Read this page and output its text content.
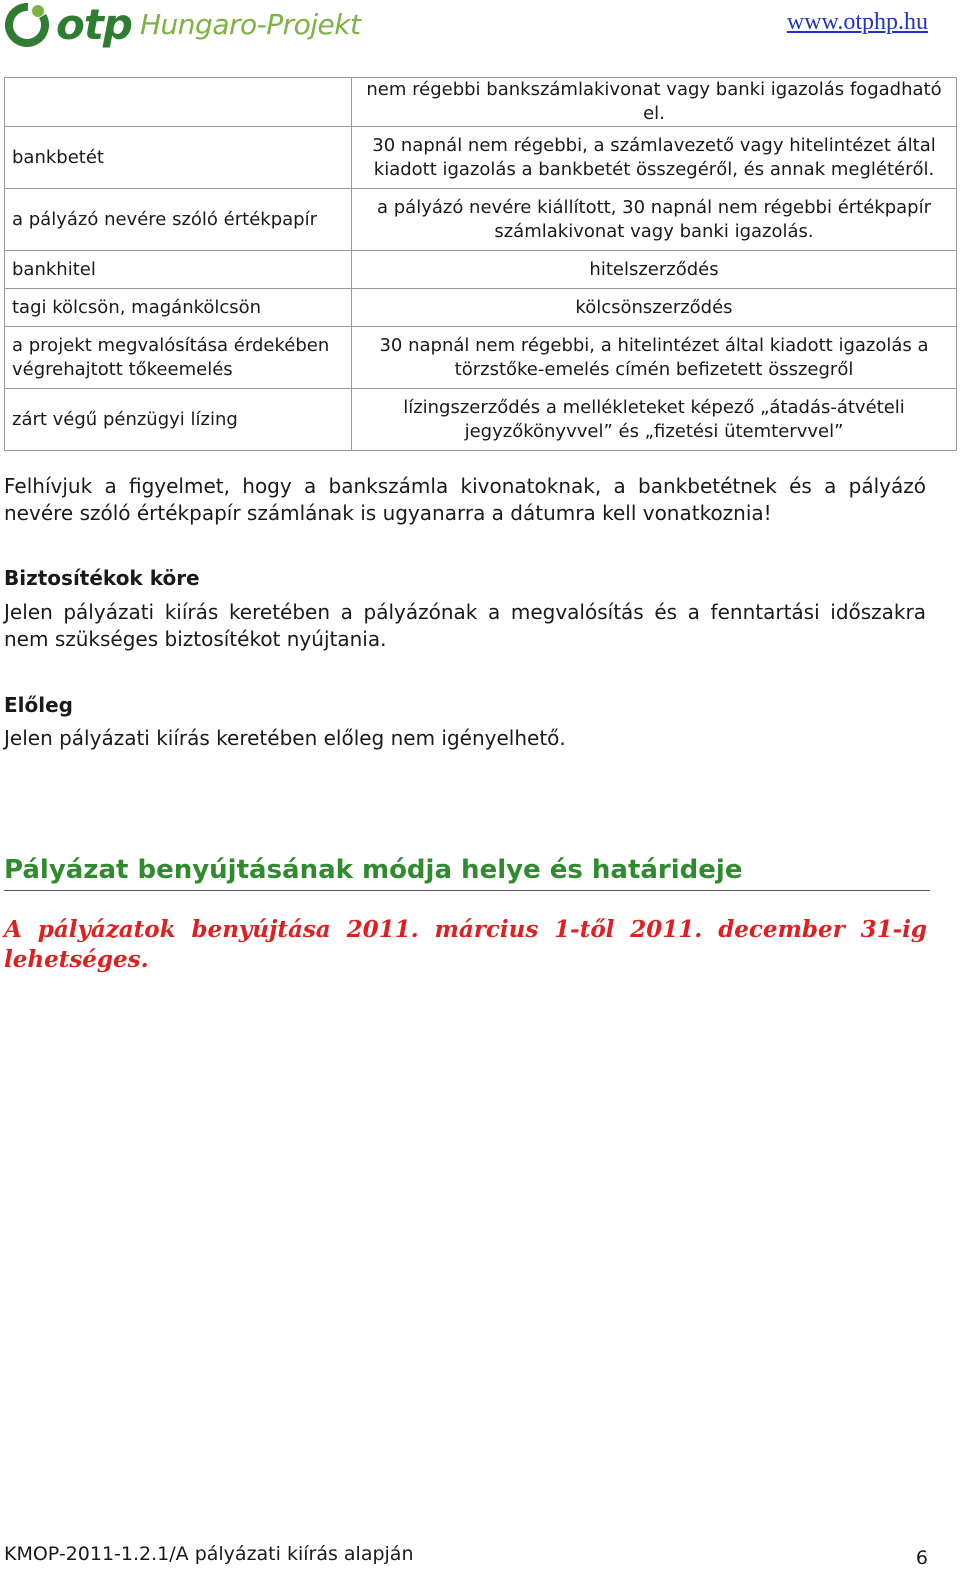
otp Hungaro-Projekt	www.otphp.hu
	nem régebbi bankszámlakivonat vagy banki igazolás fogadható el.
bankbetét	30 napnál nem régebbi, a számlavezető vagy hitelintézet által kiadott igazolás a bankbetét összegéről, és annak meglétéről.
a pályázó nevére szóló értékpapír	a pályázó nevére kiállított, 30 napnál nem régebbi értékpapír számlakivonat vagy banki igazolás.
bankhitel	hitelszerződés
tagi kölcsön, magánkölcsön	kölcsönszerződés
a projekt megvalósítása érdekében végrehajtott tőkeemelés	30 napnál nem régebbi, a hitelintézet által kiadott igazolás a törzstőke-emelés címén befizetett összegről
zárt végű pénzügyi lízing	lízingszerződés a mellékleteket képező „átadás-átvételi jegyzőkönyvvel” és „fizetési ütemtervvel”
Felhívjuk a figyelmet, hogy a bankszámla kivonatoknak, a bankbetétnek és a pályázó nevére szóló értékpapír számlának is ugyanarra a dátumra kell vonatkoznia!
Biztosítékok köre
Jelen pályázati kiírás keretében a pályázónak a megvalósítás és a fenntartási időszakra nem szükséges biztosítékot nyújtania.
Előleg
Jelen pályázati kiírás keretében előleg nem igényelhető.
Pályázat benyújtásának módja helye és határideje
A pályázatok benyújtása 2011. március 1-től 2011. december 31-ig lehetséges.
KMOP-2011-1.2.1/A pályázati kiírás alapján	6
